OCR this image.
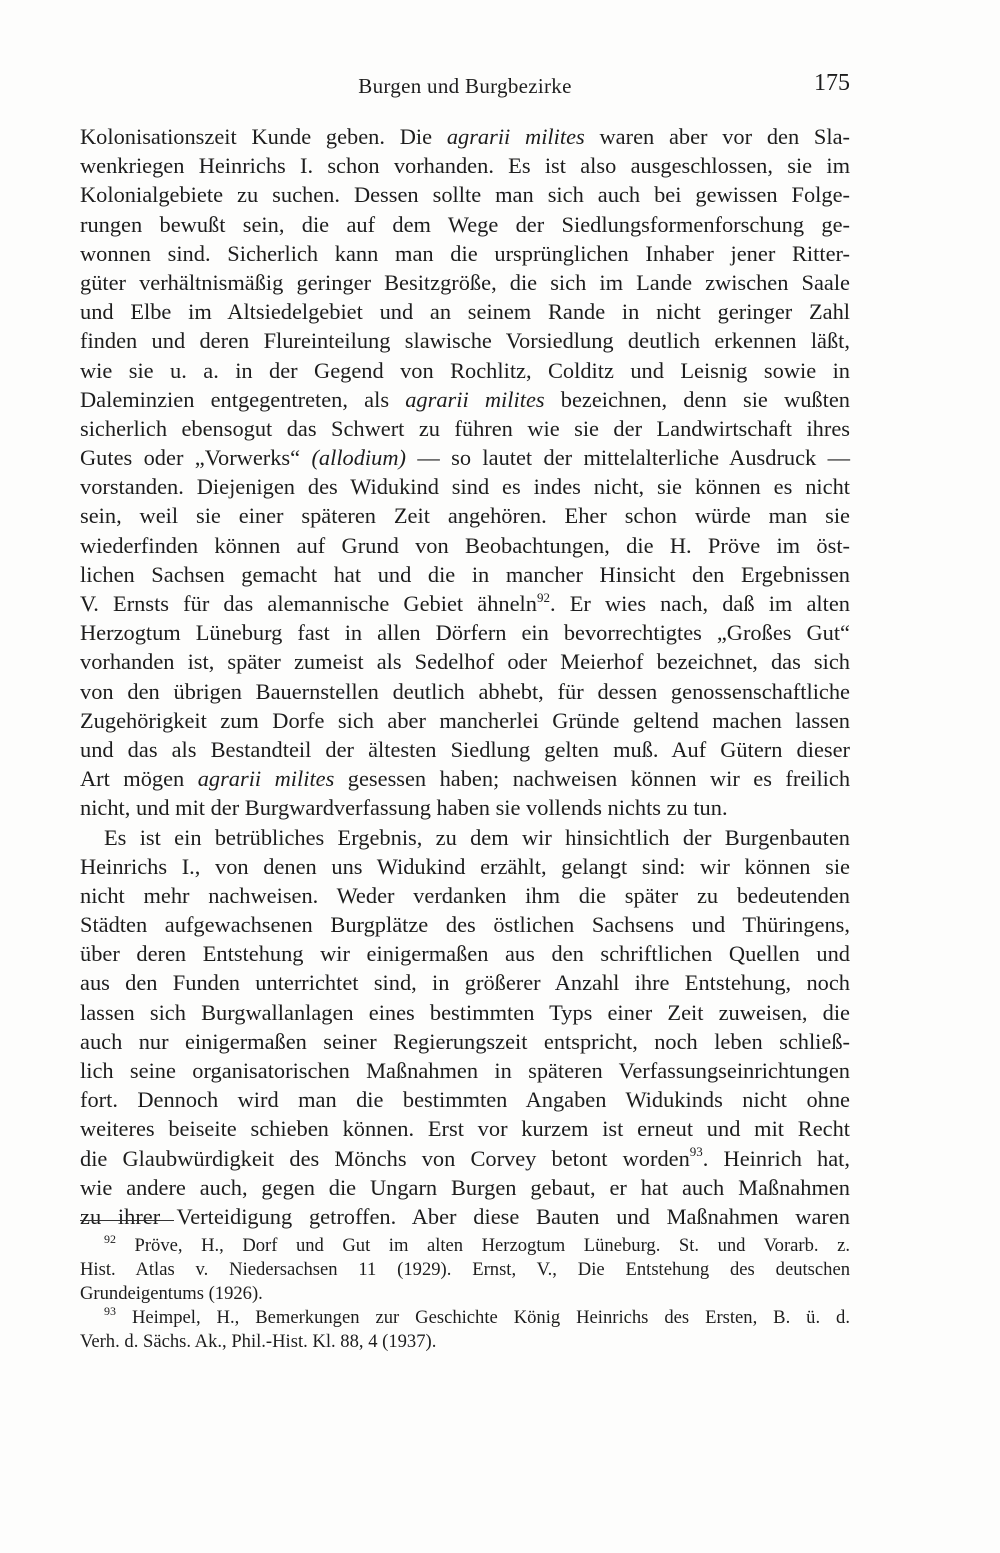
Burgen und Burgbezirke	175
Kolonisationszeit Kunde geben. Die agrarii milites waren aber vor den Sla-
wenkriegen Heinrichs I. schon vorhanden. Es ist also ausgeschlossen, sie im
Kolonialgebiete zu suchen. Dessen sollte man sich auch bei gewissen Folge-
rungen bewußt sein, die auf dem Wege der Siedlungsformenforschung ge-
wonnen sind. Sicherlich kann man die ursprünglichen Inhaber jener Ritter-
güter verhältnismäßig geringer Besitzgröße, die sich im Lande zwischen Saale
und Elbe im Altsiedelgebiet und an seinem Rande in nicht geringer Zahl
finden und deren Flureinteilung slawische Vorsiedlung deutlich erkennen läßt,
wie sie u. a. in der Gegend von Rochlitz, Colditz und Leisnig sowie in
Daleminzien entgegentreten, als agrarii milites bezeichnen, denn sie wußten
sicherlich ebensogut das Schwert zu führen wie sie der Landwirtschaft ihres
Gutes oder „Vorwerks“ (allodium) — so lautet der mittelalterliche Ausdruck —
vorstanden. Diejenigen des Widukind sind es indes nicht, sie können es nicht
sein, weil sie einer späteren Zeit angehören. Eher schon würde man sie
wiederfinden können auf Grund von Beobachtungen, die H. Pröve im öst-
lichen Sachsen gemacht hat und die in mancher Hinsicht den Ergebnissen
V. Ernsts für das alemannische Gebiet ähneln$^{92}$. Er wies nach, daß im alten
Herzogtum Lüneburg fast in allen Dörfern ein bevorrechtigtes „Großes Gut“
vorhanden ist, später zumeist als Sedelhof oder Meierhof bezeichnet, das sich
von den übrigen Bauernstellen deutlich abhebt, für dessen genossenschaftliche
Zugehörigkeit zum Dorfe sich aber mancherlei Gründe geltend machen lassen
und das als Bestandteil der ältesten Siedlung gelten muß. Auf Gütern dieser
Art mögen agrarii milites gesessen haben; nachweisen können wir es freilich
nicht, und mit der Burgwardverfassung haben sie vollends nichts zu tun.
Es ist ein betrübliches Ergebnis, zu dem wir hinsichtlich der Burgenbauten
Heinrichs I., von denen uns Widukind erzählt, gelangt sind: wir können sie
nicht mehr nachweisen. Weder verdanken ihm die später zu bedeutenden
Städten aufgewachsenen Burgplätze des östlichen Sachsens und Thüringens,
über deren Entstehung wir einigermaßen aus den schriftlichen Quellen und
aus den Funden unterrichtet sind, in größerer Anzahl ihre Entstehung, noch
lassen sich Burgwallanlagen eines bestimmten Typs einer Zeit zuweisen, die
auch nur einigermaßen seiner Regierungszeit entspricht, noch leben schließ-
lich seine organisatorischen Maßnahmen in späteren Verfassungseinrichtungen
fort. Dennoch wird man die bestimmten Angaben Widukinds nicht ohne
weiteres beiseite schieben können. Erst vor kurzem ist erneut und mit Recht
die Glaubwürdigkeit des Mönchs von Corvey betont worden$^{93}$. Heinrich hat,
wie andere auch, gegen die Ungarn Burgen gebaut, er hat auch Maßnahmen
zu ihrer Verteidigung getroffen. Aber diese Bauten und Maßnahmen waren
$^{92}$ Pröve, H., Dorf und Gut im alten Herzogtum Lüneburg. St. und Vorarb. z.
Hist. Atlas v. Niedersachsen 11 (1929). Ernst, V., Die Entstehung des deutschen
Grundeigentums (1926).
$^{93}$ Heimpel, H., Bemerkungen zur Geschichte König Heinrichs des Ersten, B. ü. d.
Verh. d. Sächs. Ak., Phil.-Hist. Kl. 88, 4 (1937).
